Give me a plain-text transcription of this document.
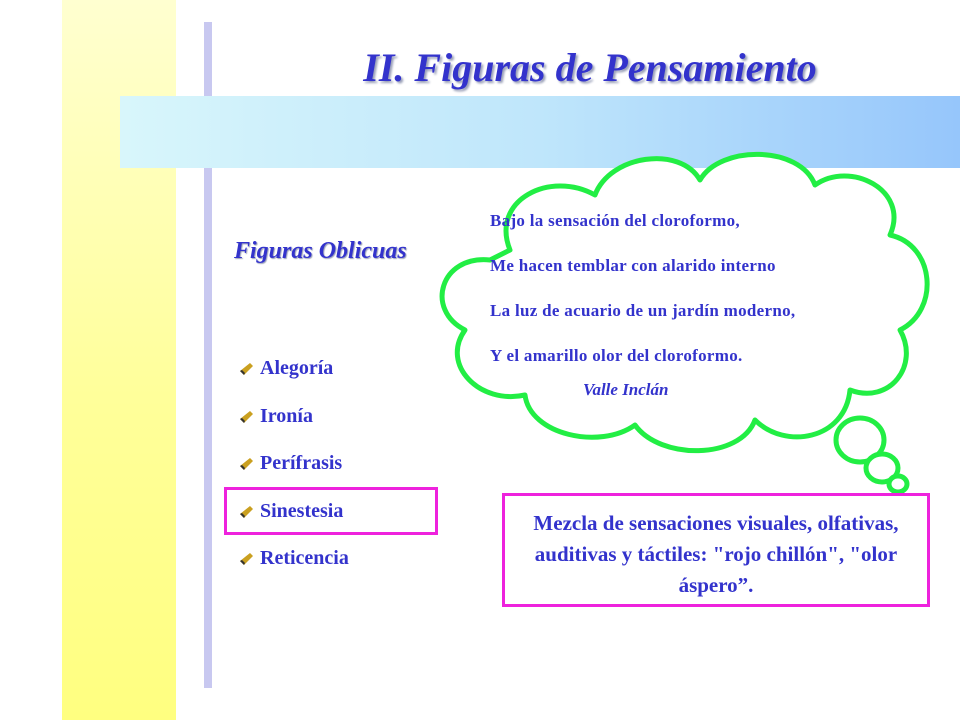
II. Figuras de Pensamiento
Figuras Oblicuas
Alegoría
Ironía
Perífrasis
Sinestesia
Reticencia
Bajo la sensación del cloroformo,
Me hacen temblar con alarido interno
La luz de acuario de un jardín moderno,
Y el amarillo olor del cloroformo.
Valle Inclán
Mezcla de sensaciones visuales, olfativas, auditivas y táctiles: "rojo chillón", "olor áspero”.
